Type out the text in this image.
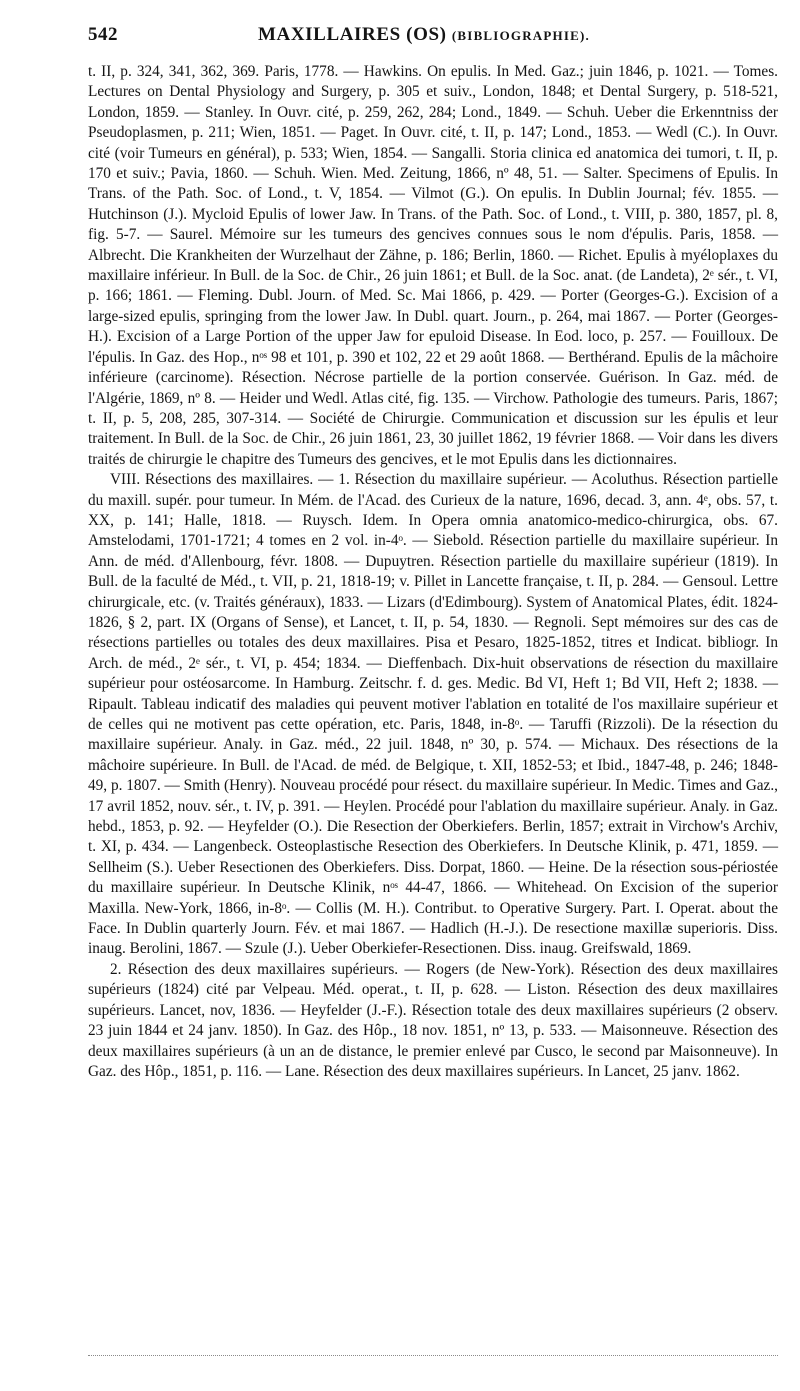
542	MAXILLAIRES (OS) (BIBLIOGRAPHIE).

t. II, p. 324, 341, 362, 369. Paris, 1778. — Hawkins. On epulis. In Med. Gaz.; juin 1846, p. 1021. — Tomes. Lectures on Dental Physiology and Surgery, p. 305 et suiv., London, 1848; et Dental Surgery, p. 518-521, London, 1859. — Stanley. In Ouvr. cité, p. 259, 262, 284; Lond., 1849. — Schuh. Ueber die Erkenntniss der Pseudoplasmen, p. 211; Wien, 1851. — Paget. In Ouvr. cité, t. II, p. 147; Lond., 1853. — Wedl (C.). In Ouvr. cité (voir Tumeurs en général), p. 533; Wien, 1854. — Sangalli. Storia clinica ed anatomica dei tumori, t. II, p. 170 et suiv.; Pavia, 1860. — Schuh. Wien. Med. Zeitung, 1866, nº 48, 51. — Salter. Specimens of Epulis. In Trans. of the Path. Soc. of Lond., t. V, 1854. — Vilmot (G.). On epulis. In Dublin Journal; fév. 1855. — Hutchinson (J.). Mycloid Epulis of lower Jaw. In Trans. of the Path. Soc. of Lond., t. VIII, p. 380, 1857, pl. 8, fig. 5-7. — Saurel. Mémoire sur les tumeurs des gencives connues sous le nom d'épulis. Paris, 1858. — Albrecht. Die Krankheiten der Wurzelhaut der Zähne, p. 186; Berlin, 1860. — Richet. Epulis à myéloplaxes du maxillaire inférieur. In Bull. de la Soc. de Chir., 26 juin 1861; et Bull. de la Soc. anat. (de Landeta), 2ᵉ sér., t. VI, p. 166; 1861. — Fleming. Dubl. Journ. of Med. Sc. Mai 1866, p. 429. — Porter (Georges-G.). Excision of a large-sized epulis, springing from the lower Jaw. In Dubl. quart. Journ., p. 264, mai 1867. — Porter (Georges-H.). Excision of a Large Portion of the upper Jaw for epuloid Disease. In Eod. loco, p. 257. — Fouilloux. De l'épulis. In Gaz. des Hop., nᵒˢ 98 et 101, p. 390 et 102, 22 et 29 août 1868. — Berthérand. Epulis de la mâchoire inférieure (carcinome). Résection. Nécrose partielle de la portion conservée. Guérison. In Gaz. méd. de l'Algérie, 1869, nº 8. — Heider und Wedl. Atlas cité, fig. 135. — Virchow. Pathologie des tumeurs. Paris, 1867; t. II, p. 5, 208, 285, 307-314. — Société de Chirurgie. Communication et discussion sur les épulis et leur traitement. In Bull. de la Soc. de Chir., 26 juin 1861, 23, 30 juillet 1862, 19 février 1868. — Voir dans les divers traités de chirurgie le chapitre des Tumeurs des gencives, et le mot Epulis dans les dictionnaires.

VIII. Résections des maxillaires. — 1. Résection du maxillaire supérieur. — Acoluthus. Résection partielle du maxill. supér. pour tumeur. In Mém. de l'Acad. des Curieux de la nature, 1696, decad. 3, ann. 4ᵉ, obs. 57, t. XX, p. 141; Halle, 1818. — Ruysch. Idem. In Opera omnia anatomico-medico-chirurgica, obs. 67. Amstelodami, 1701-1721; 4 tomes en 2 vol. in-4ᵒ. — Siebold. Résection partielle du maxillaire supérieur. In Ann. de méd. d'Allenbourg, févr. 1808. — Dupuytren. Résection partielle du maxillaire supérieur (1819). In Bull. de la faculté de Méd., t. VII, p. 21, 1818-19; v. Pillet in Lancette française, t. II, p. 284. — Gensoul. Lettre chirurgicale, etc. (v. Traités généraux), 1833. — Lizars (d'Edimbourg). System of Anatomical Plates, édit. 1824-1826, § 2, part. IX (Organs of Sense), et Lancet, t. II, p. 54, 1830. — Regnoli. Sept mémoires sur des cas de résections partielles ou totales des deux maxillaires. Pisa et Pesaro, 1825-1852, titres et Indicat. bibliogr. In Arch. de méd., 2ᵉ sér., t. VI, p. 454; 1834. — Dieffenbach. Dix-huit observations de résection du maxillaire supérieur pour ostéosarcome. In Hamburg. Zeitschr. f. d. ges. Medic. Bd VI, Heft 1; Bd VII, Heft 2; 1838. — Ripault. Tableau indicatif des maladies qui peuvent motiver l'ablation en totalité de l'os maxillaire supérieur et de celles qui ne motivent pas cette opération, etc. Paris, 1848, in-8ᵒ. — Taruffi (Rizzoli). De la résection du maxillaire supérieur. Analy. in Gaz. méd., 22 juil. 1848, nº 30, p. 574. — Michaux. Des résections de la mâchoire supérieure. In Bull. de l'Acad. de méd. de Belgique, t. XII, 1852-53; et Ibid., 1847-48, p. 246; 1848-49, p. 1807. — Smith (Henry). Nouveau procédé pour résect. du maxillaire supérieur. In Medic. Times and Gaz., 17 avril 1852, nouv. sér., t. IV, p. 391. — Heylen. Procédé pour l'ablation du maxillaire supérieur. Analy. in Gaz. hebd., 1853, p. 92. — Heyfelder (O.). Die Resection der Oberkiefers. Berlin, 1857; extrait in Virchow's Archiv, t. XI, p. 434. — Langenbeck. Osteoplastische Resection des Oberkiefers. In Deutsche Klinik, p. 471, 1859. — Sellheim (S.). Ueber Resectionen des Oberkiefers. Diss. Dorpat, 1860. — Heine. De la résection sous-périostée du maxillaire supérieur. In Deutsche Klinik, nᵒˢ 44-47, 1866. — Whitehead. On Excision of the superior Maxilla. New-York, 1866, in-8ᵒ. — Collis (M. H.). Contribut. to Operative Surgery. Part. I. Operat. about the Face. In Dublin quarterly Journ. Fév. et mai 1867. — Hadlich (H.-J.). De resectione maxillæ superioris. Diss. inaug. Berolini, 1867. — Szule (J.). Ueber Oberkiefer-Resectionen. Diss. inaug. Greifswald, 1869.

2. Résection des deux maxillaires supérieurs. — Rogers (de New-York). Résection des deux maxillaires supérieurs (1824) cité par Velpeau. Méd. operat., t. II, p. 628. — Liston. Résection des deux maxillaires supérieurs. Lancet, nov, 1836. — Heyfelder (J.-F.). Résection totale des deux maxillaires supérieurs (2 observ. 23 juin 1844 et 24 janv. 1850). In Gaz. des Hôp., 18 nov. 1851, nº 13, p. 533. — Maisonneuve. Résection des deux maxillaires supérieurs (à un an de distance, le premier enlevé par Cusco, le second par Maisonneuve). In Gaz. des Hôp., 1851, p. 116. — Lane. Résection des deux maxillaires supérieurs. In Lancet, 25 janv. 1862.
